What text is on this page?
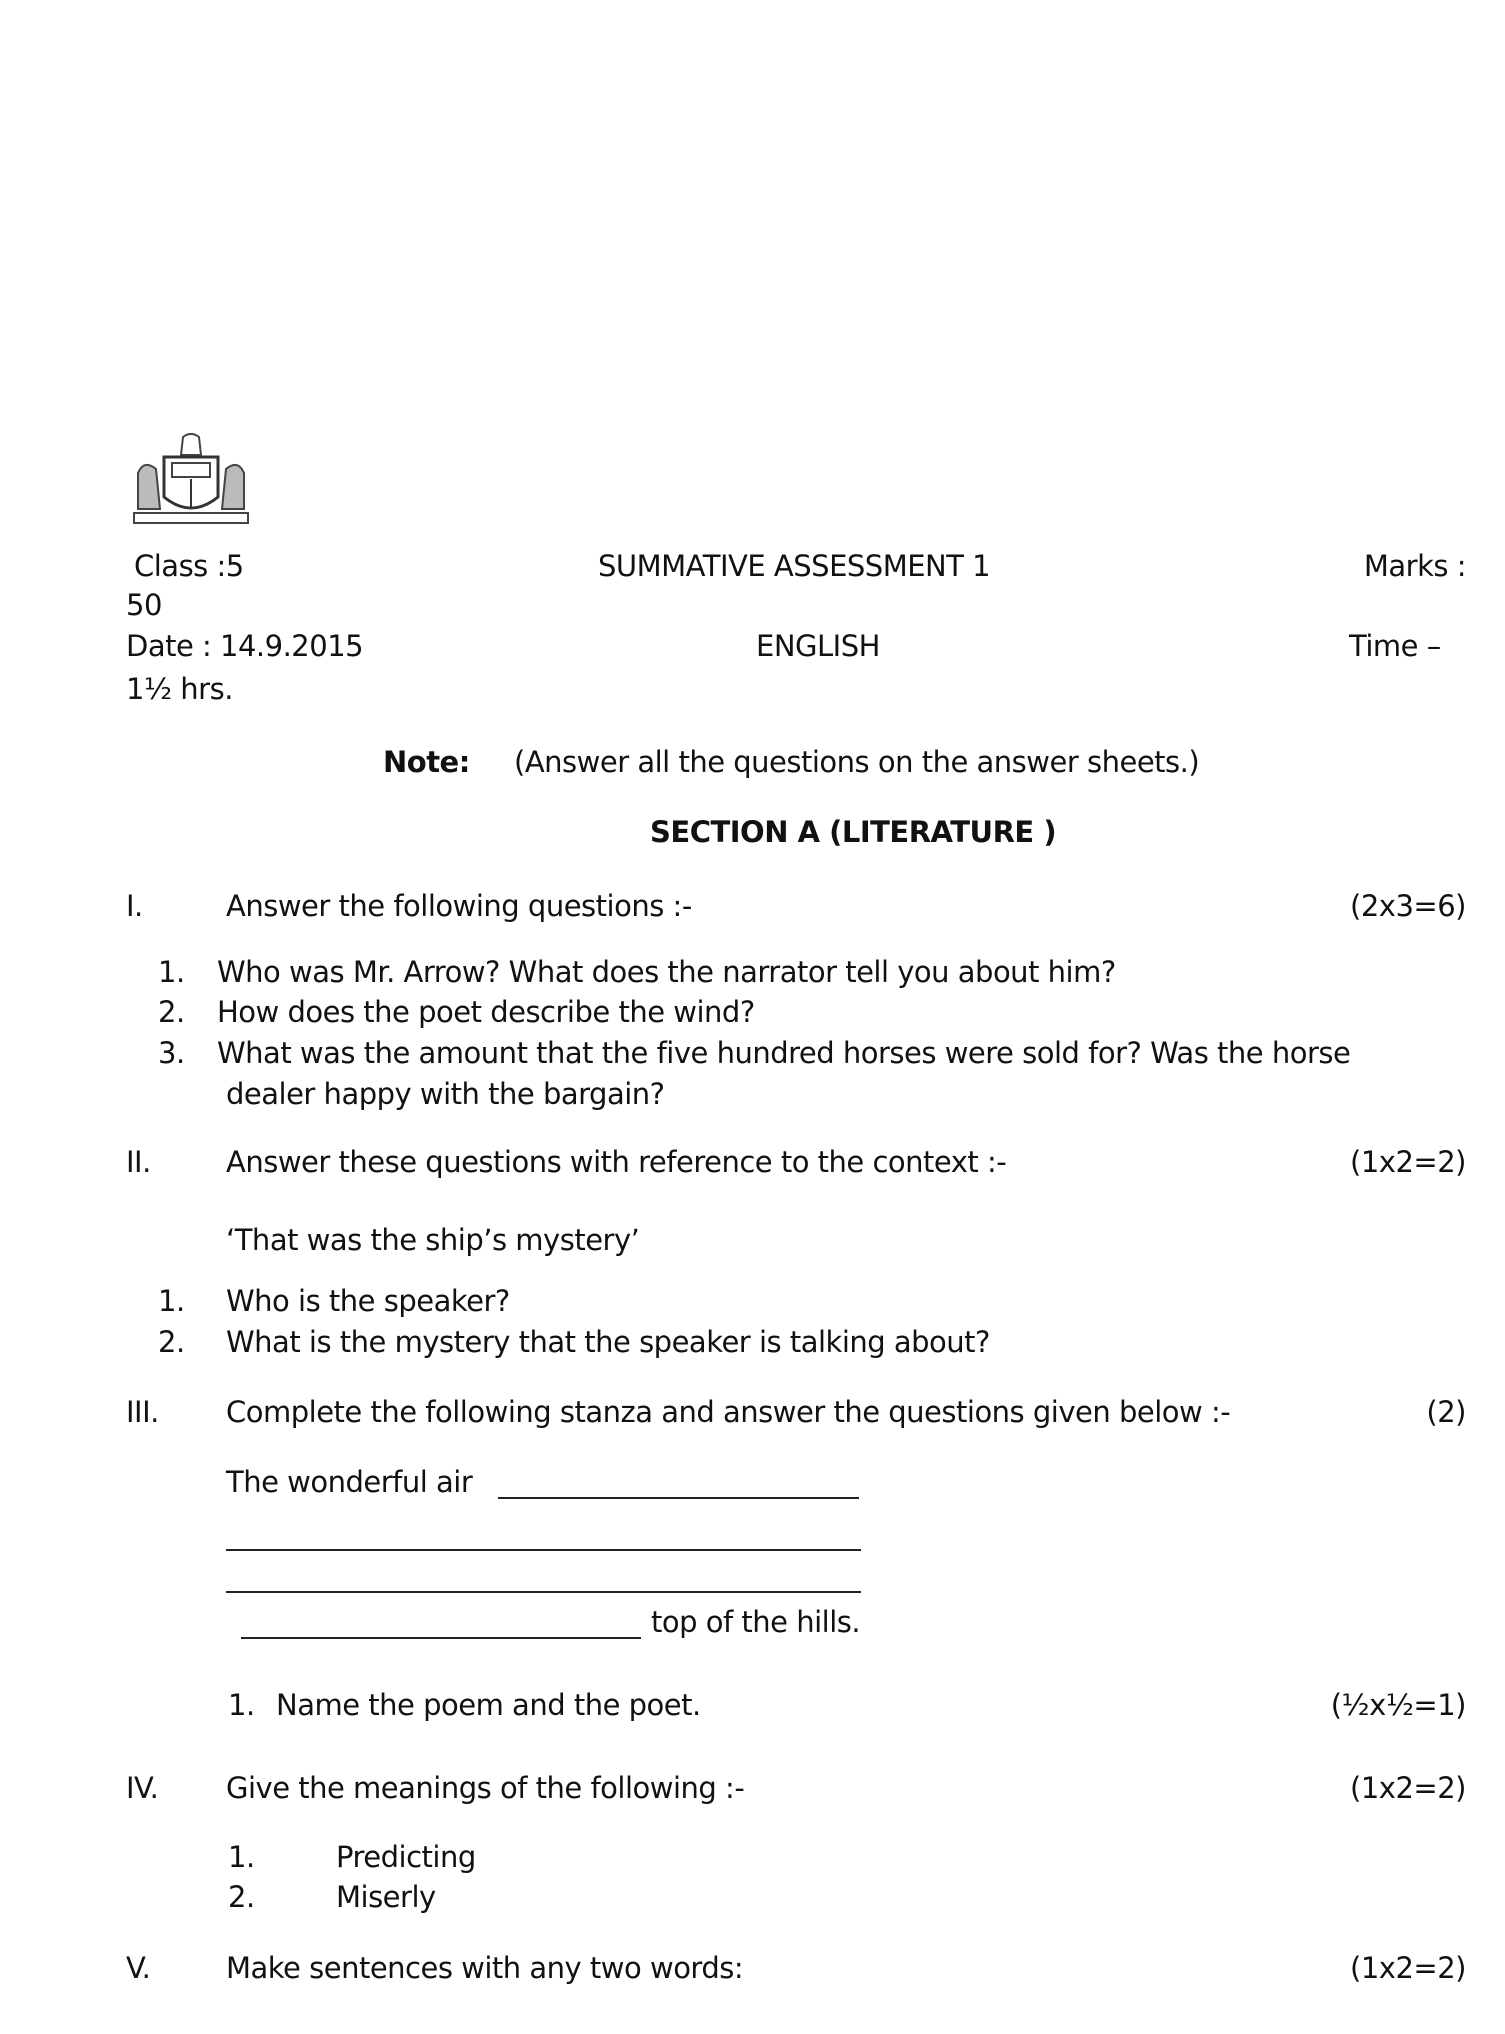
Class :5	SUMMATIVE ASSESSMENT 1	Marks :
50
Date : 14.9.2015	ENGLISH	Time –
1½ hrs.
Note: (Answer all the questions on the answer sheets.)
SECTION A (LITERATURE )
I.	Answer the following questions :-	(2x3=6)
1. Who was Mr. Arrow? What does the narrator tell you about him?
2. How does the poet describe the wind?
3. What was the amount that the five hundred horses were sold for? Was the horse
dealer happy with the bargain?
II.	Answer these questions with reference to the context :-	(1x2=2)
‘That was the ship’s mystery’
1. Who is the speaker?
2. What is the mystery that the speaker is talking about?
III. Complete the following stanza and answer the questions given below :-	(2)
The wonderful air
top of the hills.
1. Name the poem and the poet.	(½x½=1)
IV. Give the meanings of the following :-	(1x2=2)
1.	Predicting
2.	Miserly
V.	Make sentences with any two words:	(1x2=2)
